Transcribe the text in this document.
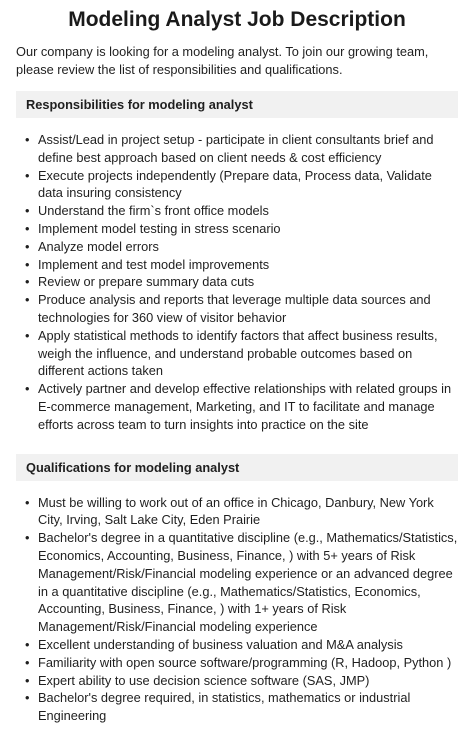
Modeling Analyst Job Description

Our company is looking for a modeling analyst. To join our growing team, please review the list of responsibilities and qualifications.

Responsibilities for modeling analyst
• Assist/Lead in project setup - participate in client consultants brief and define best approach based on client needs & cost efficiency
• Execute projects independently (Prepare data, Process data, Validate data insuring consistency
• Understand the firm`s front office models
• Implement model testing in stress scenario
• Analyze model errors
• Implement and test model improvements
• Review or prepare summary data cuts
• Produce analysis and reports that leverage multiple data sources and technologies for 360 view of visitor behavior
• Apply statistical methods to identify factors that affect business results, weigh the influence, and understand probable outcomes based on different actions taken
• Actively partner and develop effective relationships with related groups in E-commerce management, Marketing, and IT to facilitate and manage efforts across team to turn insights into practice on the site
Qualifications for modeling analyst
• Must be willing to work out of an office in Chicago, Danbury, New York City, Irving, Salt Lake City, Eden Prairie
• Bachelor's degree in a quantitative discipline (e.g., Mathematics/Statistics, Economics, Accounting, Business, Finance, ) with 5+ years of Risk Management/Risk/Financial modeling experience or an advanced degree in a quantitative discipline (e.g., Mathematics/Statistics, Economics, Accounting, Business, Finance, ) with 1+ years of Risk Management/Risk/Financial modeling experience
• Excellent understanding of business valuation and M&A analysis
• Familiarity with open source software/programming (R, Hadoop, Python )
• Expert ability to use decision science software (SAS, JMP)
• Bachelor's degree required, in statistics, mathematics or industrial Engineering
